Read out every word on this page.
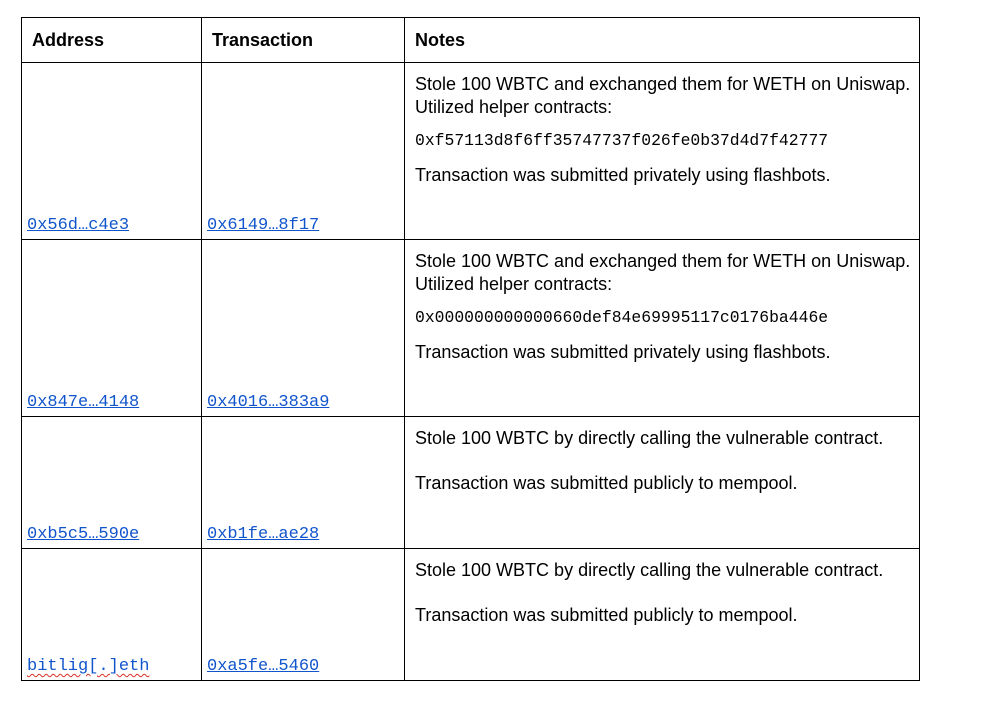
Address	Transaction	Notes
0x56d…c4e3	0x6149…8f17	Stole 100 WBTC and exchanged them for WETH on Uniswap. Utilized helper contracts:

0xf57113d8f6ff35747737f026fe0b37d4d7f42777

Transaction was submitted privately using flashbots.

0x847e…4148	0x4016…383a9	Stole 100 WBTC and exchanged them for WETH on Uniswap. Utilized helper contracts:

0x000000000000660def84e69995117c0176ba446e

Transaction was submitted privately using flashbots.

0xb5c5…590e	0xb1fe…ae28	Stole 100 WBTC by directly calling the vulnerable contract.

Transaction was submitted publicly to mempool.

bitlig[.]eth	0xa5fe…5460	Stole 100 WBTC by directly calling the vulnerable contract.

Transaction was submitted publicly to mempool.
